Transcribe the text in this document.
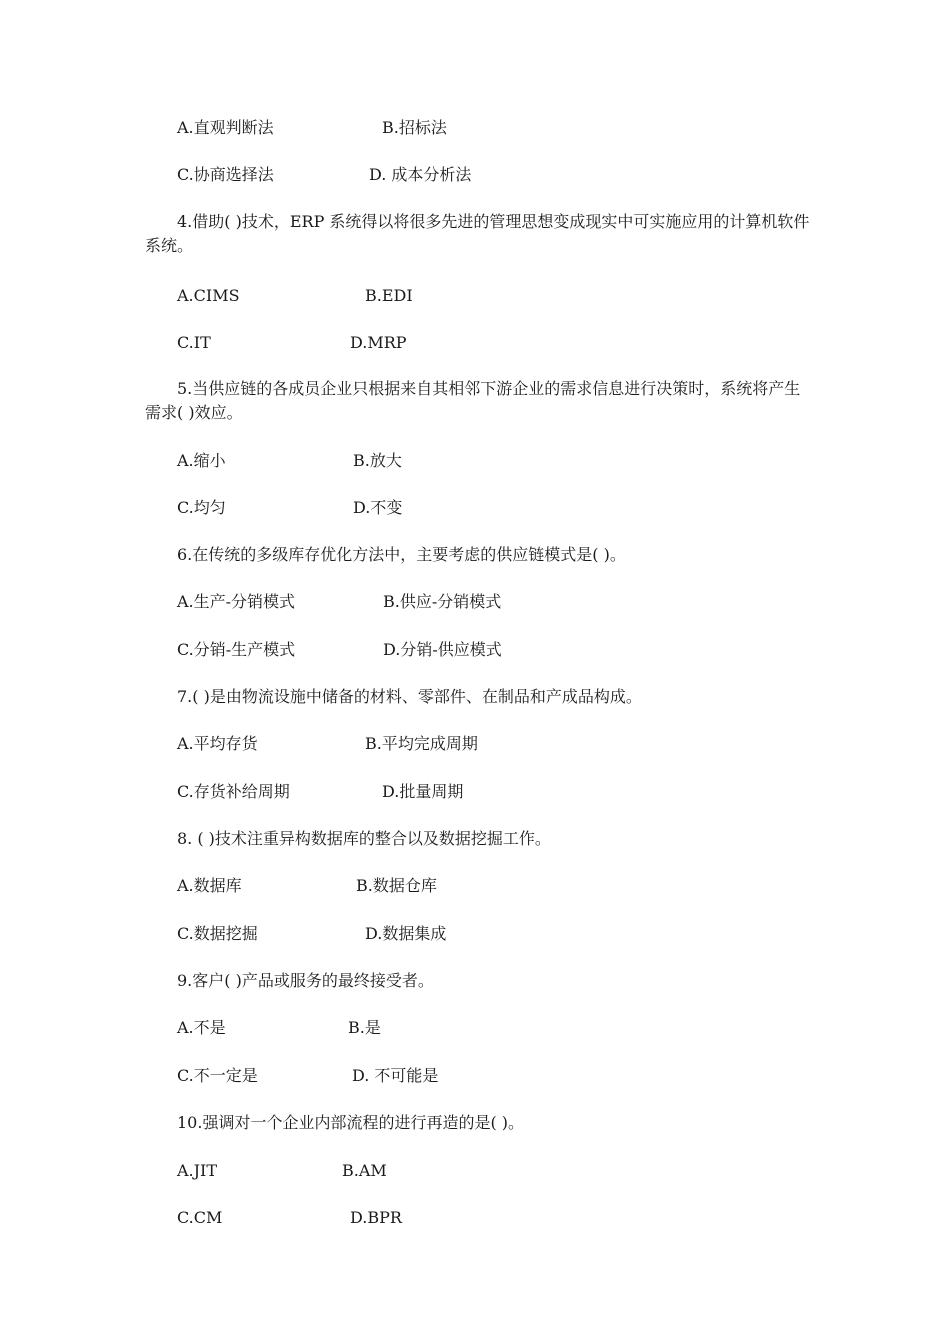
A.直观判断法	B.招标法
C.协商选择法	D. 成本分析法
4.借助( )技术，ERP 系统得以将很多先进的管理思想变成现实中可实施应用的计算机软件系统。
A.CIMS	B.EDI
C.IT	D.MRP
5.当供应链的各成员企业只根据来自其相邻下游企业的需求信息进行决策时，系统将产生需求( )效应。
A.缩小	B.放大
C.均匀	D.不变
6.在传统的多级库存优化方法中，主要考虑的供应链模式是( )。
A.生产-分销模式	B.供应-分销模式
C.分销-生产模式	D.分销-供应模式
7.( )是由物流设施中储备的材料、零部件、在制品和产成品构成。
A.平均存货	B.平均完成周期
C.存货补给周期	D.批量周期
8. ( )技术注重异构数据库的整合以及数据挖掘工作。
A.数据库	B.数据仓库
C.数据挖掘	D.数据集成
9.客户( )产品或服务的最终接受者。
A.不是	B.是
C.不一定是	D. 不可能是
10.强调对一个企业内部流程的进行再造的是( )。
A.JIT	B.AM
C.CM	D.BPR
